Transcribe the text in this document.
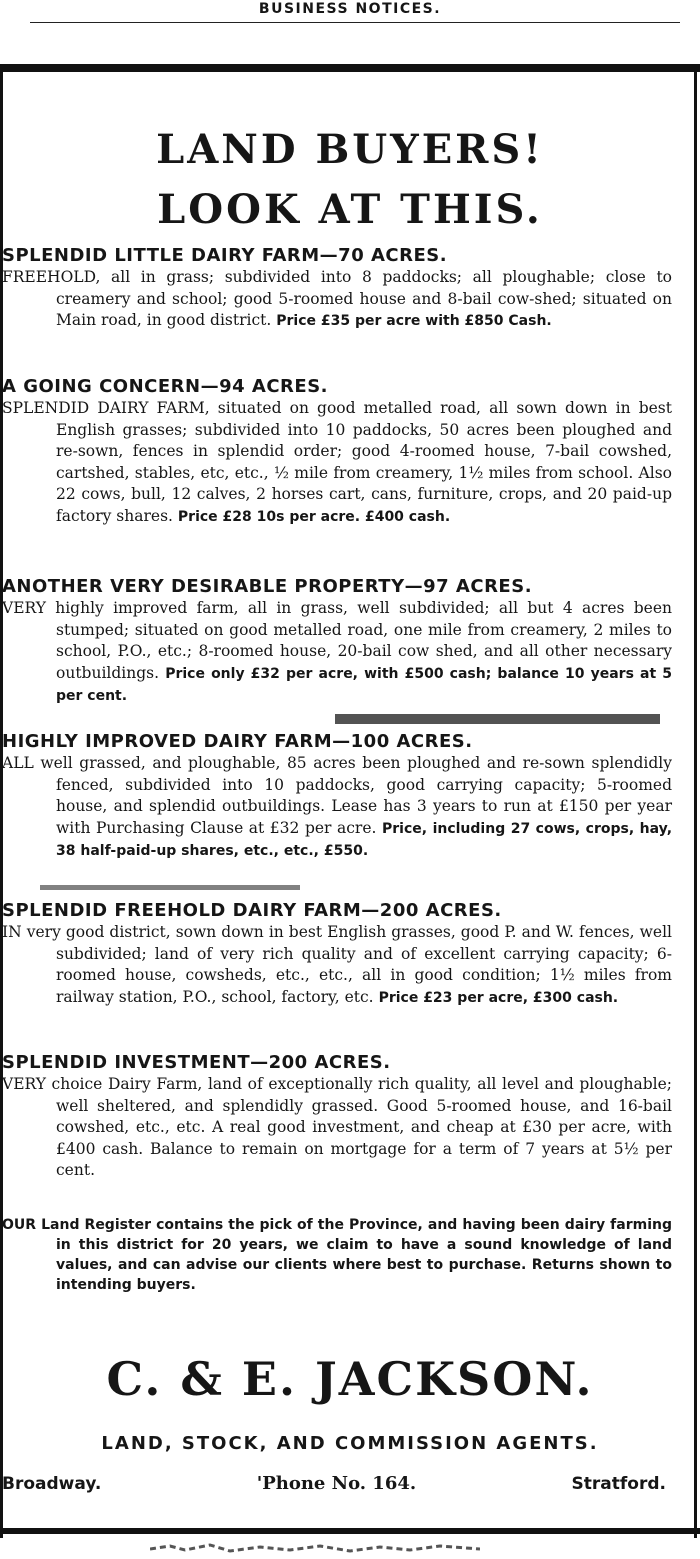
BUSINESS NOTICES.
LAND BUYERS!
LOOK AT THIS.
SPLENDID LITTLE DAIRY FARM—70 ACRES.
FREEHOLD, all in grass; subdivided into 8 paddocks; all ploughable; close to creamery and school; good 5-roomed house and 8-bail cow-shed; situated on Main road, in good district. Price £35 per acre with £850 Cash.
A GOING CONCERN—94 ACRES.
SPLENDID DAIRY FARM, situated on good metalled road, all sown down in best English grasses; subdivided into 10 paddocks, 50 acres been ploughed and re-sown, fences in splendid order; good 4-roomed house, 7-bail cowshed, cartshed, stables, etc, etc., ½ mile from creamery, 1½ miles from school. Also 22 cows, bull, 12 calves, 2 horses cart, cans, furniture, crops, and 20 paid-up factory shares. Price £28 10s per acre. £400 cash.
ANOTHER VERY DESIRABLE PROPERTY—97 ACRES.
VERY highly improved farm, all in grass, well subdivided; all but 4 acres been stumped; situated on good metalled road, one mile from creamery, 2 miles to school, P.O., etc.; 8-roomed house, 20-bail cow shed, and all other necessary outbuildings. Price only £32 per acre, with £500 cash; balance 10 years at 5 per cent.
HIGHLY IMPROVED DAIRY FARM—100 ACRES.
ALL well grassed, and ploughable, 85 acres been ploughed and re-sown splendidly fenced, subdivided into 10 paddocks, good carrying capacity; 5-roomed house, and splendid outbuildings. Lease has 3 years to run at £150 per year with Purchasing Clause at £32 per acre. Price, including 27 cows, crops, hay, 38 half-paid-up shares, etc., etc., £550.
SPLENDID FREEHOLD DAIRY FARM—200 ACRES.
IN very good district, sown down in best English grasses, good P. and W. fences, well subdivided; land of very rich quality and of excellent carrying capacity; 6-roomed house, cowsheds, etc., etc., all in good condition; 1½ miles from railway station, P.O., school, factory, etc. Price £23 per acre, £300 cash.
SPLENDID INVESTMENT—200 ACRES.
VERY choice Dairy Farm, land of exceptionally rich quality, all level and ploughable; well sheltered, and splendidly grassed. Good 5-roomed house, and 16-bail cowshed, etc., etc. A real good investment, and cheap at £30 per acre, with £400 cash. Balance to remain on mortgage for a term of 7 years at 5½ per cent.
OUR Land Register contains the pick of the Province, and having been dairy farming in this district for 20 years, we claim to have a sound knowledge of land values, and can advise our clients where best to purchase. Returns shown to intending buyers.
C. & E. JACKSON.
LAND, STOCK, AND COMMISSION AGENTS.
Broadway.	'Phone No. 164.	Stratford.
